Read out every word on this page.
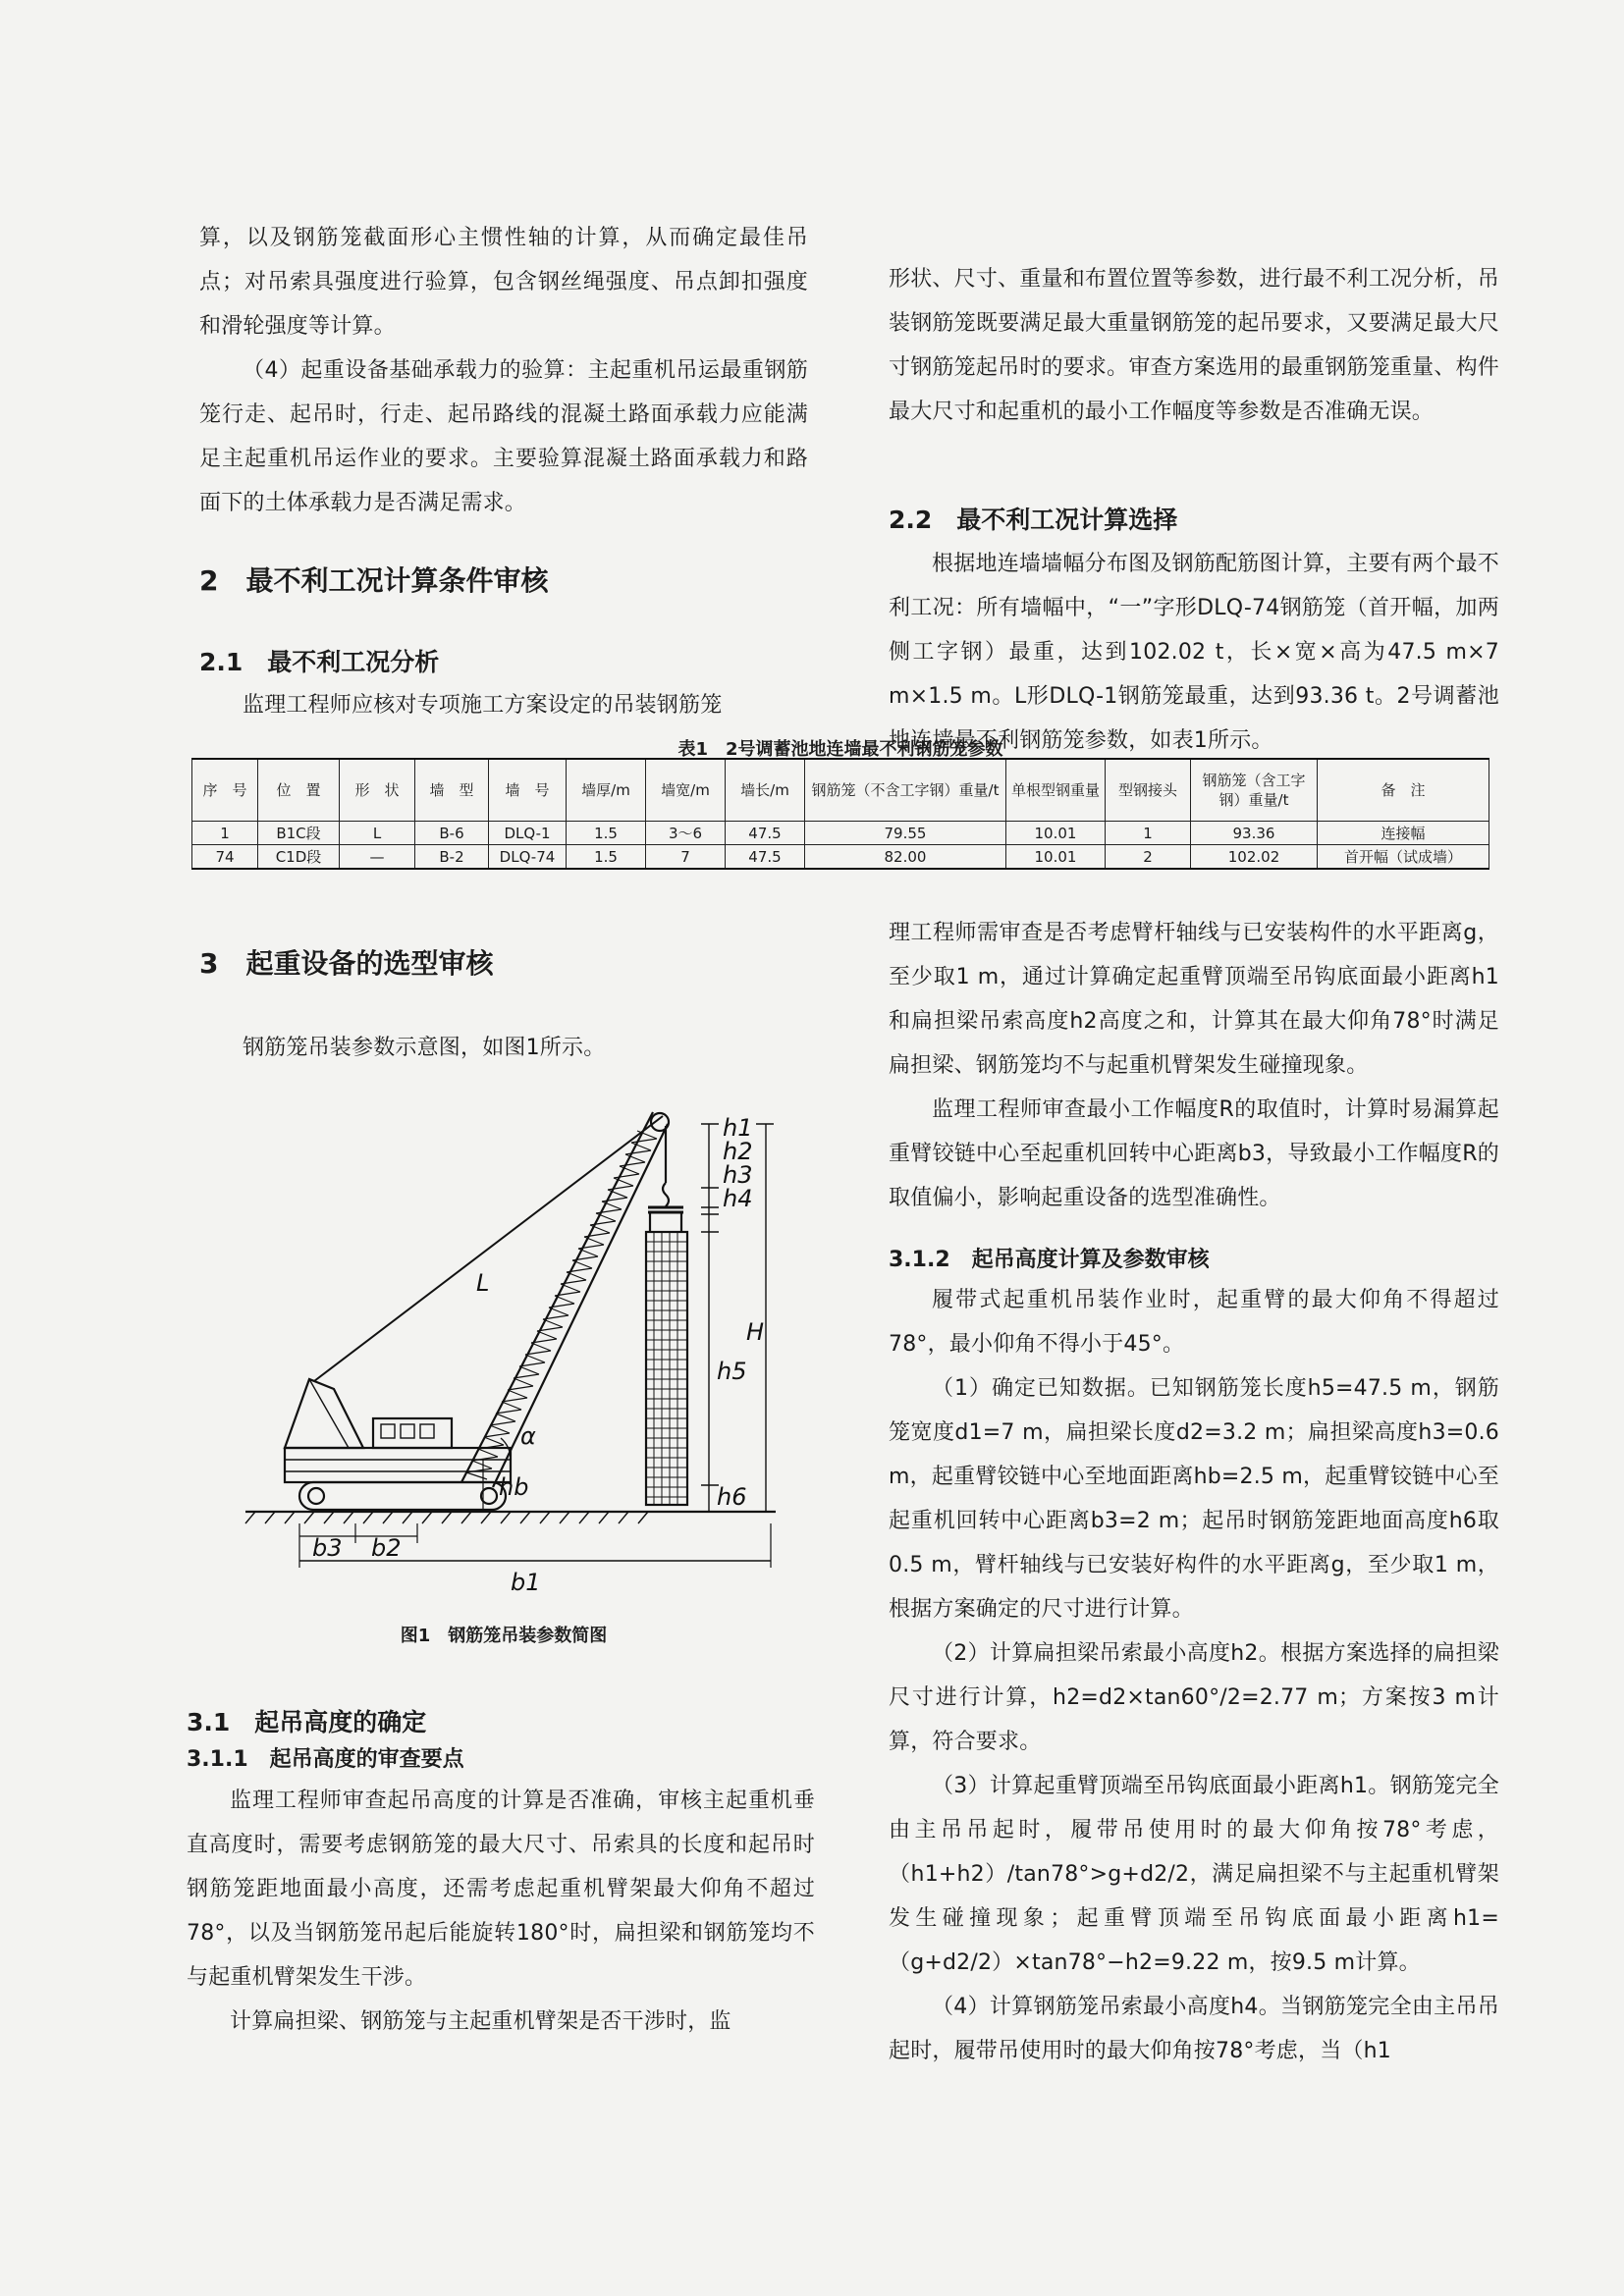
算，以及钢筋笼截面形心主惯性轴的计算，从而确定最佳吊点；对吊索具强度进行验算，包含钢丝绳强度、吊点卸扣强度和滑轮强度等计算。

（4）起重设备基础承载力的验算：主起重机吊运最重钢筋笼行走、起吊时，行走、起吊路线的混凝土路面承载力应能满足主起重机吊运作业的要求。主要验算混凝土路面承载力和路面下的土体承载力是否满足需求。

2　最不利工况计算条件审核
2.1　最不利工况分析

监理工程师应核对专项施工方案设定的吊装钢筋笼

形状、尺寸、重量和布置位置等参数，进行最不利工况分析，吊装钢筋笼既要满足最大重量钢筋笼的起吊要求，又要满足最大尺寸钢筋笼起吊时的要求。审查方案选用的最重钢筋笼重量、构件最大尺寸和起重机的最小工作幅度等参数是否准确无误。

2.2　最不利工况计算选择

根据地连墙墙幅分布图及钢筋配筋图计算，主要有两个最不利工况：所有墙幅中，“一”字形DLQ-74钢筋笼（首开幅，加两侧工字钢）最重，达到102.02 t，长×宽×高为47.5 m×7 m×1.5 m。L形DLQ-1钢筋笼最重，达到93.36 t。2号调蓄池地连墙最不利钢筋笼参数，如表1所示。

表1　2号调蓄池地连墙最不利钢筋笼参数
序　号	位　置	形　状	墙　型	墙　号	墙厚/m	墙宽/m	墙长/m	钢筋笼（不含工字钢）重量/t	单根型钢重量	型钢接头	钢筋笼（含工字钢）重量/t	备　注
1	B1C段	L	B-6	DLQ-1	1.5	3～6	47.5	79.55	10.01	1	93.36	连接幅
74	C1D段	—	B-2	DLQ-74	1.5	7	47.5	82.00	10.01	2	102.02	首开幅（试成墙）
3　起重设备的选型审核

钢筋笼吊装参数示意图，如图1所示。

h1
h2
h3
h4
H
h5
h6
L
α
hb
b3 b2
b1
图1　钢筋笼吊装参数简图
3.1　起吊高度的确定
3.1.1　起吊高度的审查要点

监理工程师审查起吊高度的计算是否准确，审核主起重机垂直高度时，需要考虑钢筋笼的最大尺寸、吊索具的长度和起吊时钢筋笼距地面最小高度，还需考虑起重机臂架最大仰角不超过78°，以及当钢筋笼吊起后能旋转180°时，扁担梁和钢筋笼均不与起重机臂架发生干涉。

计算扁担梁、钢筋笼与主起重机臂架是否干涉时，监

理工程师需审查是否考虑臂杆轴线与已安装构件的水平距离g，至少取1 m，通过计算确定起重臂顶端至吊钩底面最小距离h1和扁担梁吊索高度h2高度之和，计算其在最大仰角78°时满足扁担梁、钢筋笼均不与起重机臂架发生碰撞现象。

监理工程师审查最小工作幅度R的取值时，计算时易漏算起重臂铰链中心至起重机回转中心距离b3，导致最小工作幅度R的取值偏小，影响起重设备的选型准确性。

3.1.2　起吊高度计算及参数审核

履带式起重机吊装作业时，起重臂的最大仰角不得超过78°，最小仰角不得小于45°。

（1）确定已知数据。已知钢筋笼长度h5=47.5 m，钢筋笼宽度d1=7 m，扁担梁长度d2=3.2 m；扁担梁高度h3=0.6 m，起重臂铰链中心至地面距离hb=2.5 m，起重臂铰链中心至起重机回转中心距离b3=2 m；起吊时钢筋笼距地面高度h6取0.5 m，臂杆轴线与已安装好构件的水平距离g，至少取1 m，根据方案确定的尺寸进行计算。

（2）计算扁担梁吊索最小高度h2。根据方案选择的扁担梁尺寸进行计算，h2=d2×tan60°/2=2.77 m；方案按3 m计算，符合要求。

（3）计算起重臂顶端至吊钩底面最小距离h1。钢筋笼完全由主吊吊起时，履带吊使用时的最大仰角按78°考虑，（h1+h2）/tan78°>g+d2/2，满足扁担梁不与主起重机臂架发生碰撞现象；起重臂顶端至吊钩底面最小距离h1=（g+d2/2）×tan78°−h2=9.22 m，按9.5 m计算。

（4）计算钢筋笼吊索最小高度h4。当钢筋笼完全由主吊吊起时，履带吊使用时的最大仰角按78°考虑，当（h1
